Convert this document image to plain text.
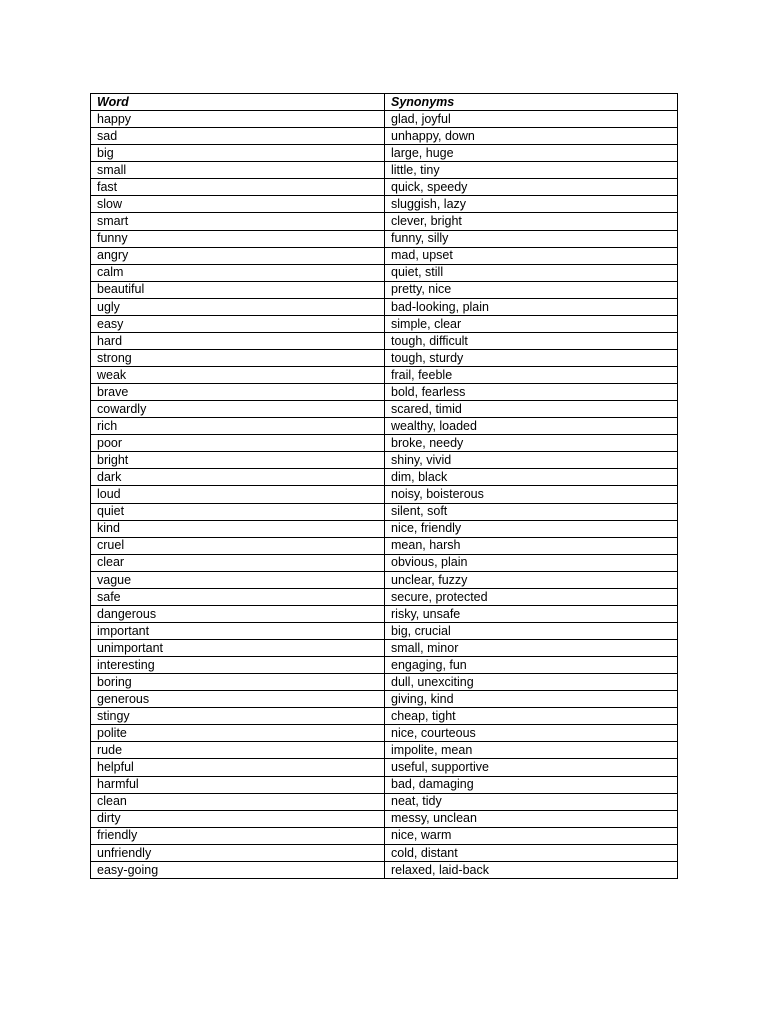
Word	Synonyms
happy	glad, joyful
sad	unhappy, down
big	large, huge
small	little, tiny
fast	quick, speedy
slow	sluggish, lazy
smart	clever, bright
funny	funny, silly
angry	mad, upset
calm	quiet, still
beautiful	pretty, nice
ugly	bad-looking, plain
easy	simple, clear
hard	tough, difficult
strong	tough, sturdy
weak	frail, feeble
brave	bold, fearless
cowardly	scared, timid
rich	wealthy, loaded
poor	broke, needy
bright	shiny, vivid
dark	dim, black
loud	noisy, boisterous
quiet	silent, soft
kind	nice, friendly
cruel	mean, harsh
clear	obvious, plain
vague	unclear, fuzzy
safe	secure, protected
dangerous	risky, unsafe
important	big, crucial
unimportant	small, minor
interesting	engaging, fun
boring	dull, unexciting
generous	giving, kind
stingy	cheap, tight
polite	nice, courteous
rude	impolite, mean
helpful	useful, supportive
harmful	bad, damaging
clean	neat, tidy
dirty	messy, unclean
friendly	nice, warm
unfriendly	cold, distant
easy-going	relaxed, laid-back
